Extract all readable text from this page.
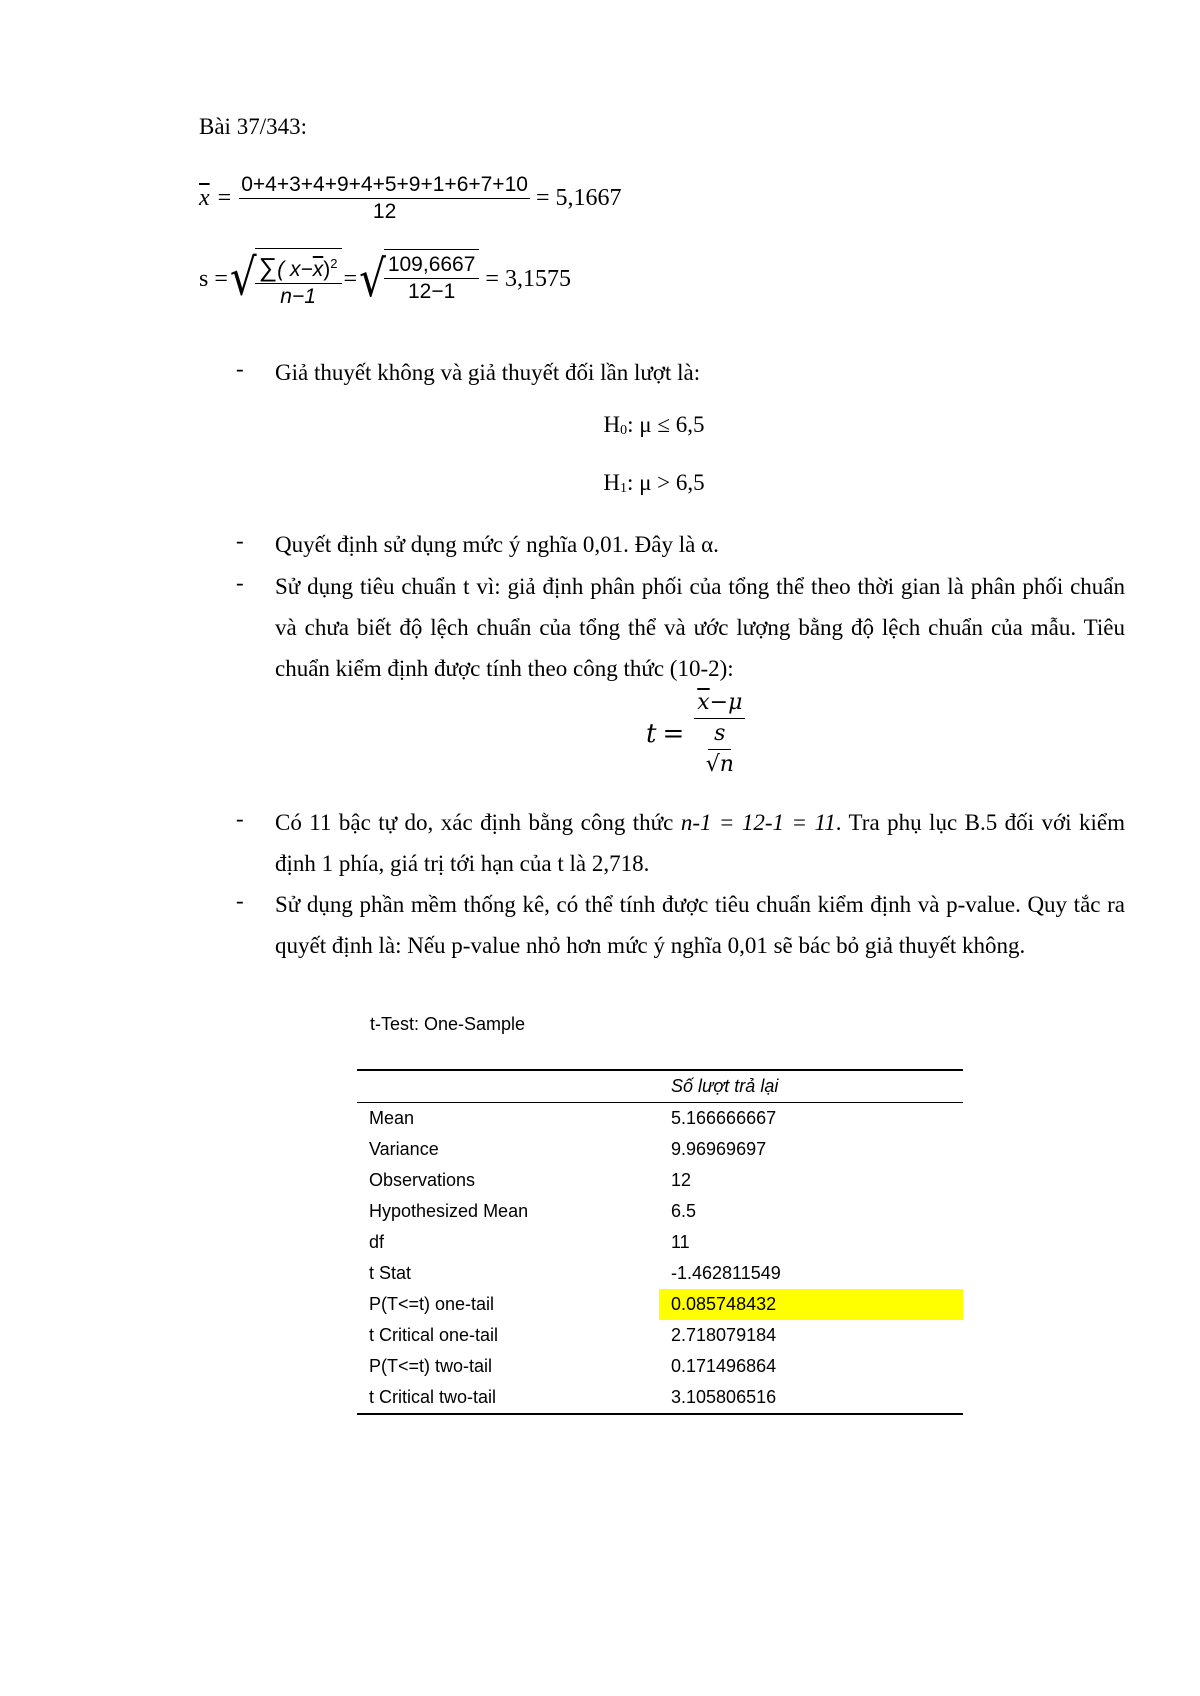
Bài 37/343:
$\overline{x} = \frac{0+4+3+4+9+4+5+9+1+6+7+10}{12} = 5,1667$
s = √
$\frac{\sum( x-\overline{x})^2}{n-1}$ = √
$\frac{109,6667}{12-1} = 3,1575$
- Giả thuyết không và giả thuyết đối lần lượt là:
$H_0$: μ ≤ 6,5
$H_1$: μ > 6,5
- Quyết định sử dụng mức ý nghĩa 0,01. Đây là α.
- Sử dụng tiêu chuẩn t vì: giả định phân phối của tổng thể theo thời gian là phân phối chuẩn và chưa biết độ lệch chuẩn của tổng thể và ước lượng bằng độ lệch chuẩn của mẫu. Tiêu chuẩn kiểm định được tính theo công thức (10-2):
$t = \overline{x}-\mu$
s
√n
- Có 11 bậc tự do, xác định bằng công thức n-1 = 12-1 = 11. Tra phụ lục B.5 đối với kiểm định 1 phía, giá trị tới hạn của t là 2,718.
- Sử dụng phần mềm thống kê, có thể tính được tiêu chuẩn kiểm định và p-value. Quy tắc ra quyết định là: Nếu p-value nhỏ hơn mức ý nghĩa 0,01 sẽ bác bỏ giả thuyết không.
t-Test: One-Sample
	Số lượt trả lại
Mean	5.166666667
Variance	9.96969697
Observations	12
Hypothesized Mean	6.5
df	11
t Stat	-1.462811549
P(T<=t) one-tail	0.085748432
t Critical one-tail	2.718079184
P(T<=t) two-tail	0.171496864
t Critical two-tail	3.105806516
